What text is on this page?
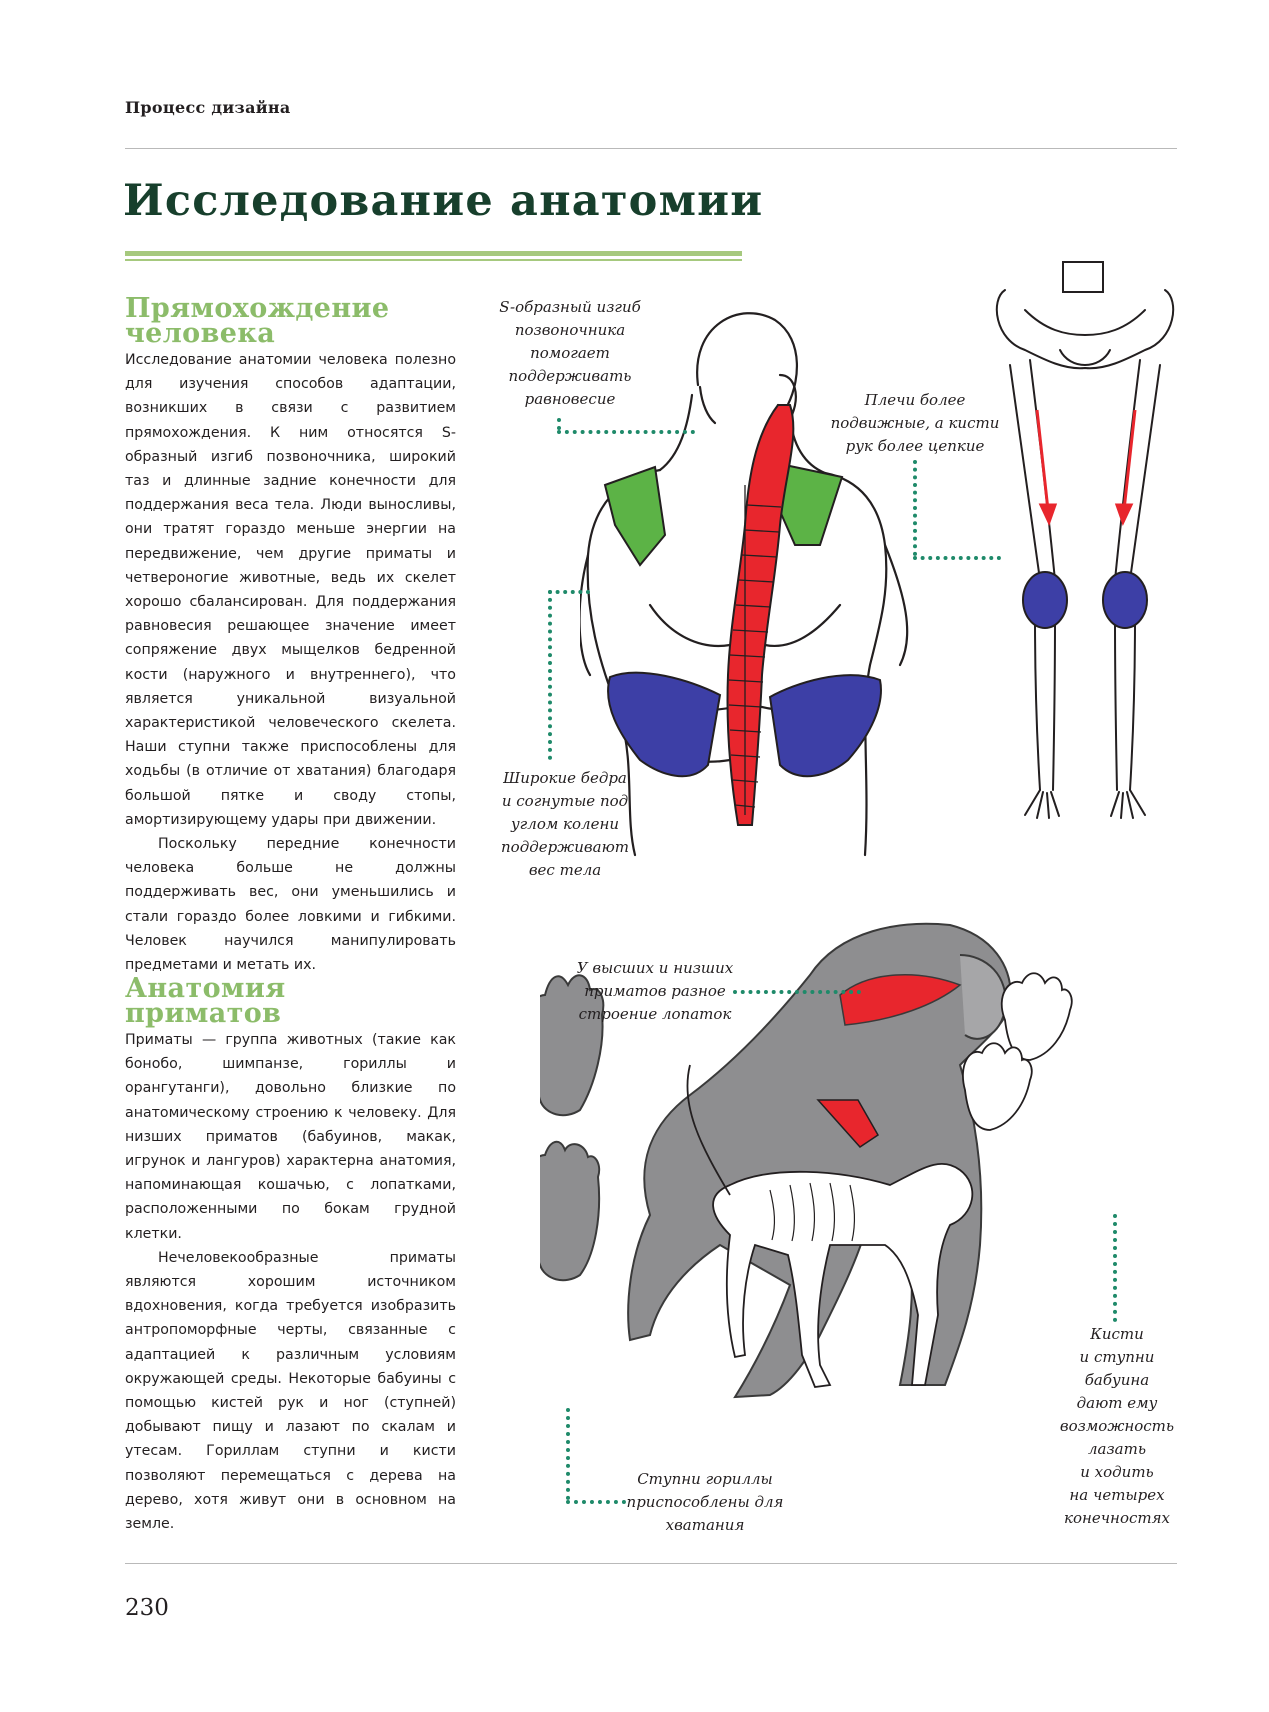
Процесс дизайна
Исследование анатомии
Прямохождение человека

Исследование анатомии человека полезно для изучения способов адаптации, возникших в связи с развитием прямохождения. К ним относятся S-образный изгиб позвоночника, широкий таз и длинные задние конечности для поддержания веса тела. Люди выносливы, они тратят гораздо меньше энергии на передвижение, чем другие приматы и четвероногие животные, ведь их скелет хорошо сбалансирован. Для поддержания равновесия решающее значение имеет сопряжение двух мыщелков бедренной кости (наружного и внутреннего), что является уникальной визуальной характеристикой человеческого скелета. Наши ступни также приспособлены для ходьбы (в отличие от хватания) благодаря большой пятке и своду стопы, амортизирующему удары при движении.

Поскольку передние конечности человека больше не должны поддерживать вес, они уменьшились и стали гораздо более ловкими и гибкими. Человек научился манипулировать предметами и метать их.

Анатомия приматов

Приматы — группа животных (такие как бонобо, шимпанзе, гориллы и орангутанги), довольно близкие по анатомическому строению к человеку. Для низших приматов (бабуинов, макак, игрунок и лангуров) характерна анатомия, напоминающая кошачью, с лопатками, расположенными по бокам грудной клетки.

Нечеловекообразные приматы являются хорошим источником вдохновения, когда требуется изобразить антропоморфные черты, связанные с адаптацией к различным условиям окружающей среды. Некоторые бабуины с помощью кистей рук и ног (ступней) добывают пищу и лазают по скалам и утесам. Гориллам ступни и кисти позволяют перемещаться с дерева на дерево, хотя живут они в основном на земле.

S-образный изгиб
позвоночника
помогает
поддерживать
равновесие	Плечи более
подвижные, а кисти
рук более цепкие
Широкие бедра
и согнутые под
углом колени
поддерживают
вес тела
У высших и низших
приматов разное
строение лопаток
Кисти
и ступни
бабуина
дают ему
возможность
лазать
и ходить
на четырех
конечностях
Ступни гориллы
приспособлены для
хватания
230
